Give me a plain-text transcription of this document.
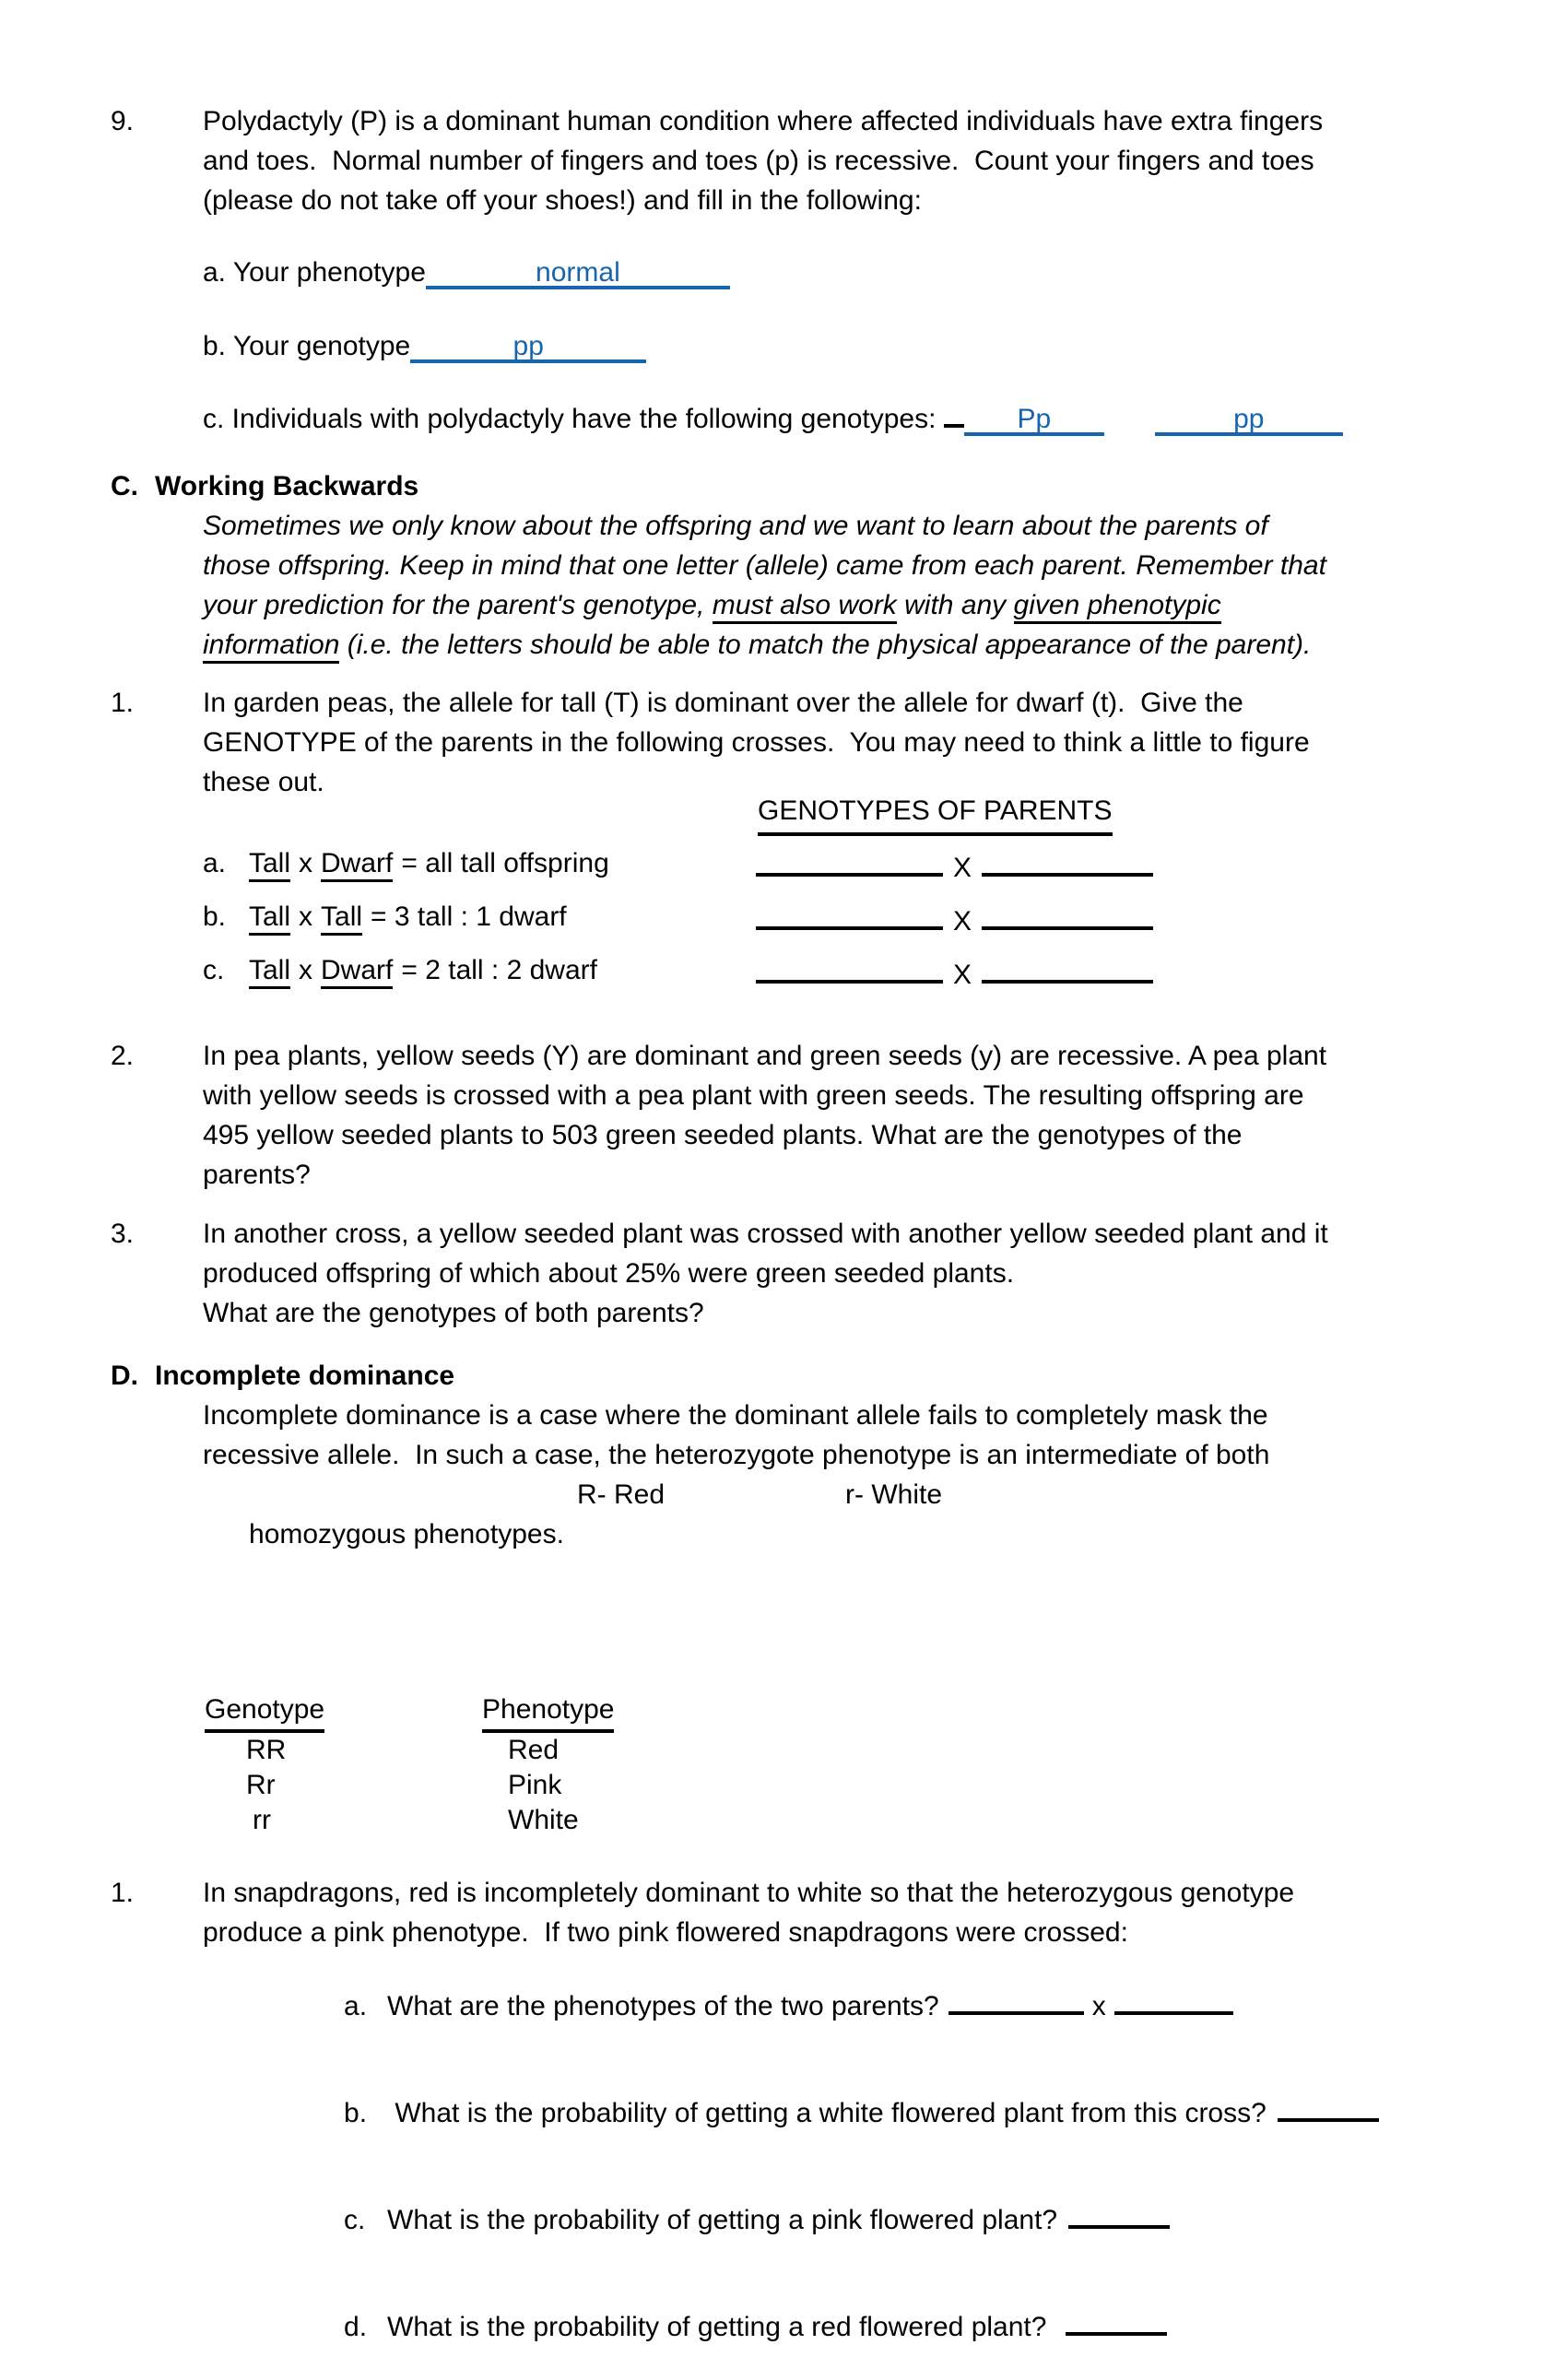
9.	Polydactyly (P) is a dominant human condition where affected individuals have extra fingers
and toes.  Normal number of fingers and toes (p) is recessive.  Count your fingers and toes
(please do not take off your shoes!) and fill in the following:
a. Your phenotype	normal
b. Your genotype	pp
c. Individuals with polydactyly have the following genotypes:	Pp	pp
C. Working Backwards
Sometimes we only know about the offspring and we want to learn about the parents of
those offspring. Keep in mind that one letter (allele) came from each parent. Remember that
your prediction for the parent's genotype, must also work with any given phenotypic
information (i.e. the letters should be able to match the physical appearance of the parent).
1.	In garden peas, the allele for tall (T) is dominant over the allele for dwarf (t).  Give the
GENOTYPE of the parents in the following crosses.  You may need to think a little to figure
these out.
GENOTYPES OF PARENTS
a. Tall x Dwarf = all tall offspring	X
b. Tall x Tall = 3 tall : 1 dwarf	X
c. Tall x Dwarf = 2 tall : 2 dwarf	X
2.	In pea plants, yellow seeds (Y) are dominant and green seeds (y) are recessive. A pea plant
with yellow seeds is crossed with a pea plant with green seeds. The resulting offspring are
495 yellow seeded plants to 503 green seeded plants. What are the genotypes of the
parents?
3.	In another cross, a yellow seeded plant was crossed with another yellow seeded plant and it
produced offspring of which about 25% were green seeded plants.
What are the genotypes of both parents?
D. Incomplete dominance
Incomplete dominance is a case where the dominant allele fails to completely mask the
recessive allele.  In such a case, the heterozygote phenotype is an intermediate of both

homozygous phenotypes.

R- Red

	r- White

Genotype	Phenotype
RR	Red
Rr	Pink
rr	White
1.	In snapdragons, red is incompletely dominant to white so that the heterozygous genotype
produce a pink phenotype.  If two pink flowered snapdragons were crossed:

a. What are the phenotypes of the two parents?	x

b. What is the probability of getting a white flowered plant from this cross?

c. What is the probability of getting a pink flowered plant?

d. What is the probability of getting a red flowered plant?
